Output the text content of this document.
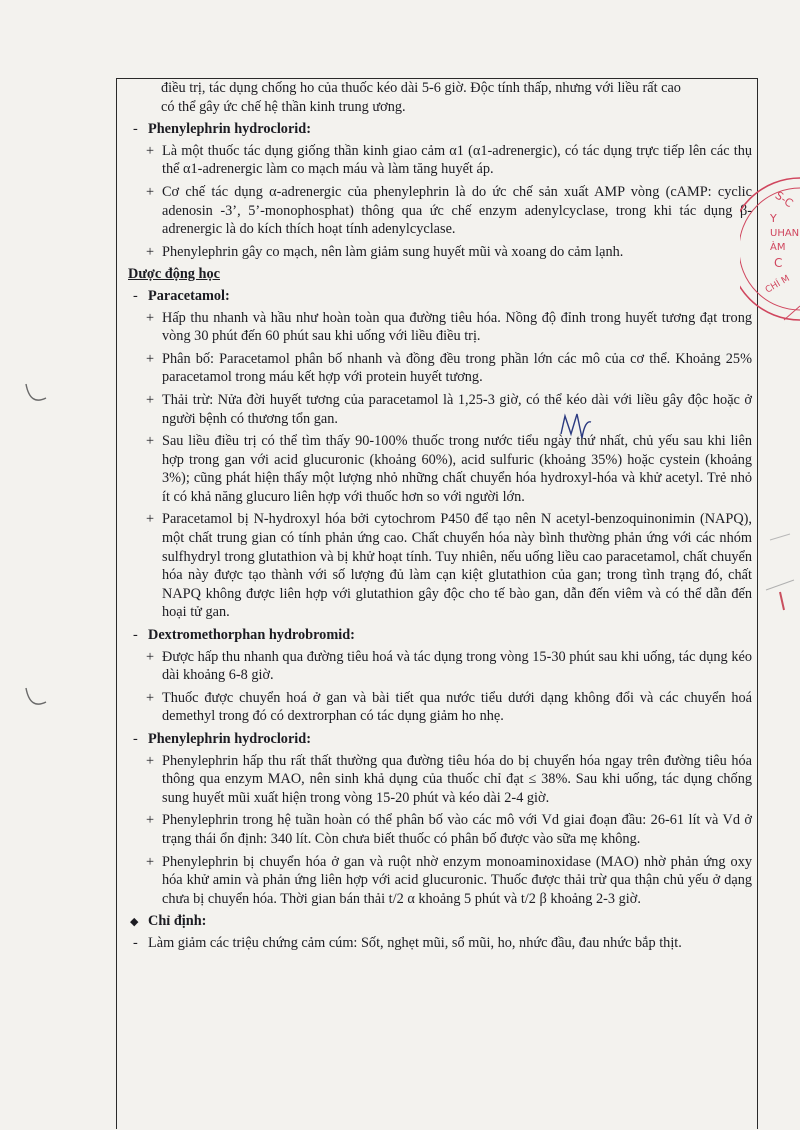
điều trị, tác dụng chống ho của thuốc kéo dài 5-6 giờ. Độc tính thấp, nhưng với liều rất cao

có thể gây ức chế hệ thần kinh trung ương.

- Phenylephrin hydroclorid:

+ Là một thuốc tác dụng giống thần kinh giao cảm α1 (α1-adrenergic), có tác dụng trực tiếp lên các thụ thể α1-adrenergic làm co mạch máu và làm tăng huyết áp.

+ Cơ chế tác dụng α-adrenergic của phenylephrin là do ức chế sản xuất AMP vòng (cAMP: cyclic adenosin -3’, 5’-monophosphat) thông qua ức chế enzym adenylcyclase, trong khi tác dụng β-adrenergic là do kích thích hoạt tính adenylcyclase.

+ Phenylephrin gây co mạch, nên làm giảm sung huyết mũi và xoang do cảm lạnh.

Dược động học
- Paracetamol:

+ Hấp thu nhanh và hầu như hoàn toàn qua đường tiêu hóa. Nồng độ đỉnh trong huyết tương đạt trong vòng 30 phút đến 60 phút sau khi uống với liều điều trị.

+ Phân bố: Paracetamol phân bố nhanh và đồng đều trong phần lớn các mô của cơ thể. Khoảng 25% paracetamol trong máu kết hợp với protein huyết tương.

+ Thải trừ: Nửa đời huyết tương của paracetamol là 1,25-3 giờ, có thể kéo dài với liều gây độc hoặc ở người bệnh có thương tổn gan.

+ Sau liều điều trị có thể tìm thấy 90-100% thuốc trong nước tiểu ngày thứ nhất, chủ yếu sau khi liên hợp trong gan với acid glucuronic (khoảng 60%), acid sulfuric (khoảng 35%) hoặc cystein (khoảng 3%); cũng phát hiện thấy một lượng nhỏ những chất chuyển hóa hydroxyl-hóa và khử acetyl. Trẻ nhỏ ít có khả năng glucuro liên hợp với thuốc hơn so với người lớn.

+ Paracetamol bị N-hydroxyl hóa bởi cytochrom P450 để tạo nên N acetyl-benzoquinonimin (NAPQ), một chất trung gian có tính phản ứng cao. Chất chuyển hóa này bình thường phản ứng với các nhóm sulfhydryl trong glutathion và bị khử hoạt tính. Tuy nhiên, nếu uống liều cao paracetamol, chất chuyển hóa này được tạo thành với số lượng đủ làm cạn kiệt glutathion của gan; trong tình trạng đó, chất NAPQ không được liên hợp với glutathion gây độc cho tế bào gan, dẫn đến viêm và có thể dẫn đến hoại tử gan.

- Dextromethorphan hydrobromid:

+ Được hấp thu nhanh qua đường tiêu hoá và tác dụng trong vòng 15-30 phút sau khi uống, tác dụng kéo dài khoảng 6-8 giờ.

+ Thuốc được chuyển hoá ở gan và bài tiết qua nước tiểu dưới dạng không đổi và các chuyển hoá demethyl trong đó có dextrorphan có tác dụng giảm ho nhẹ.

- Phenylephrin hydroclorid:

+ Phenylephrin hấp thu rất thất thường qua đường tiêu hóa do bị chuyển hóa ngay trên đường tiêu hóa thông qua enzym MAO, nên sinh khả dụng của thuốc chỉ đạt ≤ 38%. Sau khi uống, tác dụng chống sung huyết mũi xuất hiện trong vòng 15-20 phút và kéo dài 2-4 giờ.

+ Phenylephrin trong hệ tuần hoàn có thể phân bố vào các mô với Vd giai đoạn đầu: 26-61 lít và Vd ở trạng thái ổn định: 340 lít. Còn chưa biết thuốc có phân bố được vào sữa mẹ không.

+ Phenylephrin bị chuyển hóa ở gan và ruột nhờ enzym monoaminoxidase (MAO) nhờ phản ứng oxy hóa khử amin và phản ứng liên hợp với acid glucuronic. Thuốc được thải trừ qua thận chủ yếu ở dạng chưa bị chuyển hóa. Thời gian bán thải t/2 α khoảng 5 phút và t/2 β khoảng 2-3 giờ.

◆ Chỉ định:

- Làm giảm các triệu chứng cảm cúm: Sốt, nghẹt mũi, sổ mũi, ho, nhức đầu, đau nhức bắp thịt.

S-C
Y
UHAN
ÀM
C
CHÍ M
